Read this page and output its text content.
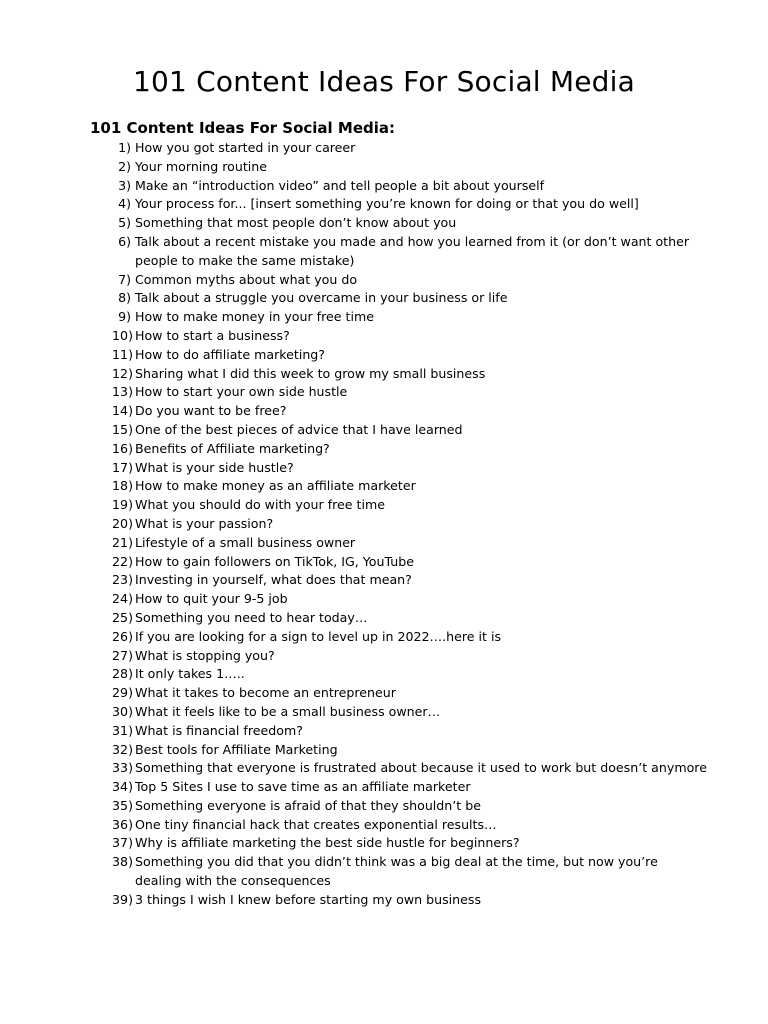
101 Content Ideas For Social Media
101 Content Ideas For Social Media:
1) How you got started in your career
2) Your morning routine
3) Make an “introduction video” and tell people a bit about yourself
4) Your process for... [insert something you’re known for doing or that you do well]
5) Something that most people don’t know about you
6) Talk about a recent mistake you made and how you learned from it (or don’t want other people to make the same mistake)
7) Common myths about what you do
8) Talk about a struggle you overcame in your business or life
9) How to make money in your free time
10) How to start a business?
11) How to do affiliate marketing?
12) Sharing what I did this week to grow my small business
13) How to start your own side hustle
14) Do you want to be free?
15) One of the best pieces of advice that I have learned
16) Benefits of Affiliate marketing?
17) What is your side hustle?
18) How to make money as an affiliate marketer
19) What you should do with your free time
20) What is your passion?
21) Lifestyle of a small business owner
22) How to gain followers on TikTok, IG, YouTube
23) Investing in yourself, what does that mean?
24) How to quit your 9-5 job
25) Something you need to hear today…
26) If you are looking for a sign to level up in 2022….here it is
27) What is stopping you?
28) It only takes 1…..
29) What it takes to become an entrepreneur
30) What it feels like to be a small business owner…
31) What is financial freedom?
32) Best tools for Affiliate Marketing
33) Something that everyone is frustrated about because it used to work but doesn’t anymore
34) Top 5 Sites I use to save time as an affiliate marketer
35) Something everyone is afraid of that they shouldn’t be
36) One tiny financial hack that creates exponential results…
37) Why is affiliate marketing the best side hustle for beginners?
38) Something you did that you didn’t think was a big deal at the time, but now you’re dealing with the consequences
39) 3 things I wish I knew before starting my own business
